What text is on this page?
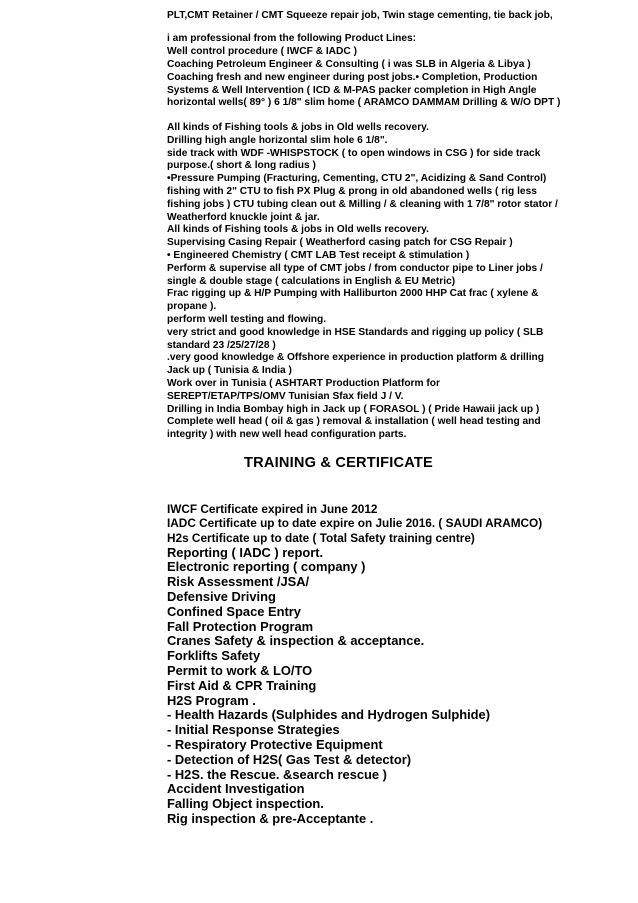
PLT,CMT Retainer / CMT Squeeze repair job, Twin stage cementing, tie back job,

i am professional from the following Product Lines:

Well control procedure ( IWCF & IADC )

Coaching Petroleum Engineer & Consulting ( i was SLB in Algeria & Libya )

Coaching fresh and new engineer during post jobs.• Completion, Production

Systems & Well Intervention ( ICD & M-PAS packer completion in High Angle

horizontal wells( 89° ) 6 1/8" slim home ( ARAMCO DAMMAM Drilling & W/O DPT )

All kinds of Fishing tools & jobs in Old wells recovery.

Drilling high angle horizontal slim hole 6 1/8".

side track with WDF -WHISPSTOCK ( to open windows in CSG ) for side track

purpose.( short & long radius )

•Pressure Pumping (Fracturing, Cementing, CTU 2", Acidizing & Sand Control)

fishing with 2" CTU to fish PX Plug & prong in old abandoned wells ( rig less

fishing jobs ) CTU tubing clean out & Milling / & cleaning with 1 7/8" rotor stator /

Weatherford knuckle joint & jar.

All kinds of Fishing tools & jobs in Old wells recovery.

Supervising Casing Repair ( Weatherford casing patch for CSG Repair )

• Engineered Chemistry ( CMT LAB Test receipt & stimulation )

Perform & supervise all type of CMT jobs / from conductor pipe to Liner jobs /

single & double stage ( calculations in English & EU Metric)

Frac rigging up & H/P Pumping with Halliburton 2000 HHP Cat frac ( xylene &

propane ).

perform well testing and flowing.

very strict and good knowledge in HSE Standards and rigging up policy ( SLB

standard 23 /25/27/28 )

.very good knowledge & Offshore experience in production platform & drilling

Jack up ( Tunisia & India )

Work over in Tunisia ( ASHTART Production Platform for

SEREPT/ETAP/TPS/OMV Tunisian Sfax field J / V.

Drilling in India Bombay high in Jack up ( FORASOL ) ( Pride Hawaii jack up )

Complete well head ( oil & gas ) removal & installation ( well head testing and

integrity ) with new well head configuration parts.

TRAINING & CERTIFICATE

IWCF Certificate expired in June 2012

IADC Certificate up to date expire on Julie 2016. ( SAUDI ARAMCO)

H2s Certificate up to date ( Total Safety training centre)

Reporting ( IADC ) report.

Electronic reporting ( company )

Risk Assessment /JSA/

Defensive Driving

Confined Space Entry

Fall Protection Program

Cranes Safety & inspection & acceptance.

Forklifts Safety

Permit to work & LO/TO

First Aid & CPR Training

H2S Program .

- Health Hazards (Sulphides and Hydrogen Sulphide)

- Initial Response Strategies

- Respiratory Protective Equipment

- Detection of H2S( Gas Test & detector)

- H2S. the Rescue. &search rescue )

Accident Investigation

Falling Object inspection.

Rig inspection & pre-Acceptante .
